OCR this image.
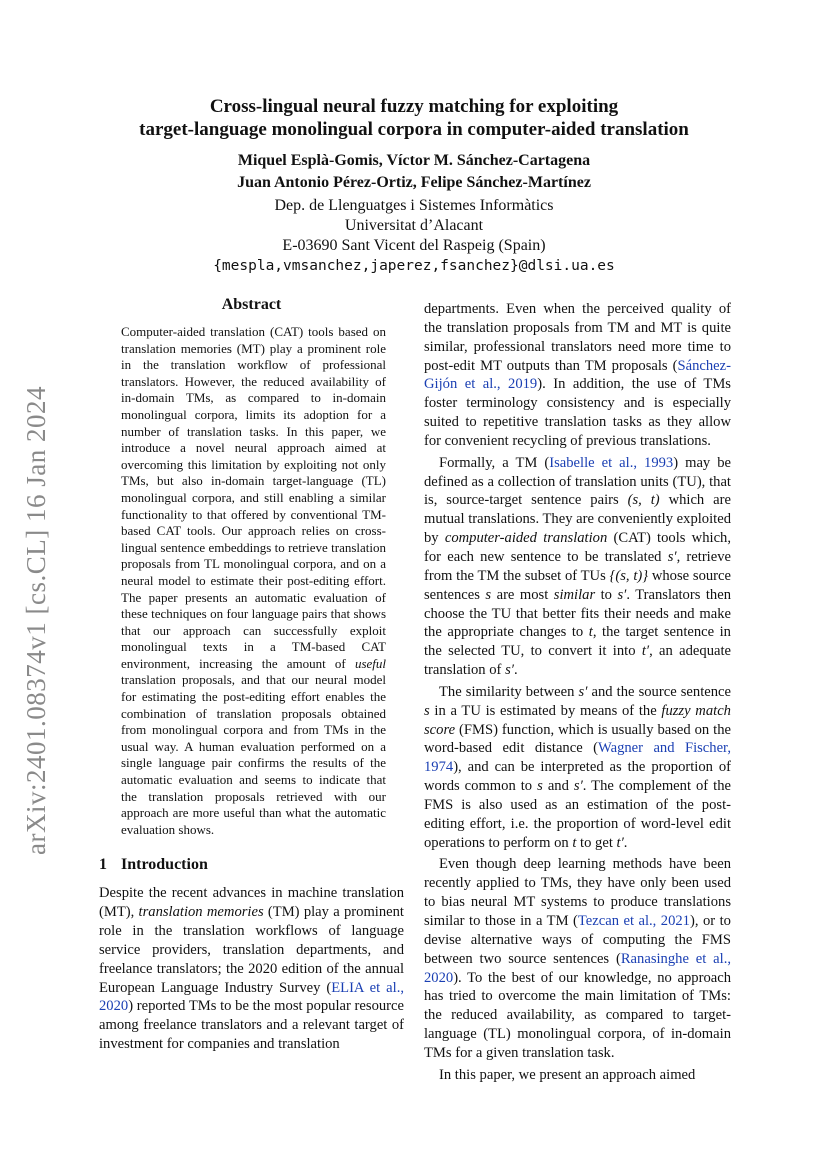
arXiv:2401.08374v1 [cs.CL] 16 Jan 2024
Cross-lingual neural fuzzy matching for exploiting
target-language monolingual corpora in computer-aided translation
Miquel Esplà-Gomis, Víctor M. Sánchez-Cartagena
Juan Antonio Pérez-Ortiz, Felipe Sánchez-Martínez
Dep. de Llenguatges i Sistemes Informàtics
Universitat d’Alacant
E-03690 Sant Vicent del Raspeig (Spain)
{mespla,vmsanchez,japerez,fsanchez}@dlsi.ua.es
Abstract

Computer-aided translation (CAT) tools based on translation memories (MT) play a prominent role in the translation workflow of professional translators. However, the reduced availability of in-domain TMs, as compared to in-domain monolingual corpora, limits its adoption for a number of translation tasks. In this paper, we introduce a novel neural approach aimed at overcoming this limitation by exploiting not only TMs, but also in-domain target-language (TL) monolingual corpora, and still enabling a similar functionality to that offered by conventional TM-based CAT tools. Our approach relies on cross-lingual sentence embeddings to retrieve translation proposals from TL monolingual corpora, and on a neural model to estimate their post-editing effort. The paper presents an automatic evaluation of these techniques on four language pairs that shows that our approach can successfully exploit monolingual texts in a TM-based CAT environment, increasing the amount of useful translation proposals, and that our neural model for estimating the post-editing effort enables the combination of translation proposals obtained from monolingual corpora and from TMs in the usual way. A human evaluation performed on a single language pair confirms the results of the automatic evaluation and seems to indicate that the translation proposals retrieved with our approach are more useful than what the automatic evaluation shows.

1 Introduction

Despite the recent advances in machine translation (MT), translation memories (TM) play a prominent role in the translation workflows of language service providers, translation departments, and freelance translators; the 2020 edition of the annual European Language Industry Survey (ELIA et al., 2020) reported TMs to be the most popular resource among freelance translators and a relevant target of investment for companies and translation

departments. Even when the perceived quality of the translation proposals from TM and MT is quite similar, professional translators need more time to post-edit MT outputs than TM proposals (Sánchez-Gijón et al., 2019). In addition, the use of TMs foster terminology consistency and is especially suited to repetitive translation tasks as they allow for convenient recycling of previous translations.

Formally, a TM (Isabelle et al., 1993) may be defined as a collection of translation units (TU), that is, source-target sentence pairs (s, t) which are mutual translations. They are conveniently exploited by computer-aided translation (CAT) tools which, for each new sentence to be translated s′, retrieve from the TM the subset of TUs {(s, t)} whose source sentences s are most similar to s′. Translators then choose the TU that better fits their needs and make the appropriate changes to t, the target sentence in the selected TU, to convert it into t′, an adequate translation of s′.

The similarity between s′ and the source sentence s in a TU is estimated by means of the fuzzy match score (FMS) function, which is usually based on the word-based edit distance (Wagner and Fischer, 1974), and can be interpreted as the proportion of words common to s and s′. The complement of the FMS is also used as an estimation of the post-editing effort, i.e. the proportion of word-level edit operations to perform on t to get t′.

Even though deep learning methods have been recently applied to TMs, they have only been used to bias neural MT systems to produce translations similar to those in a TM (Tezcan et al., 2021), or to devise alternative ways of computing the FMS between two source sentences (Ranasinghe et al., 2020). To the best of our knowledge, no approach has tried to overcome the main limitation of TMs: the reduced availability, as compared to target-language (TL) monolingual corpora, of in-domain TMs for a given translation task.

In this paper, we present an approach aimed
